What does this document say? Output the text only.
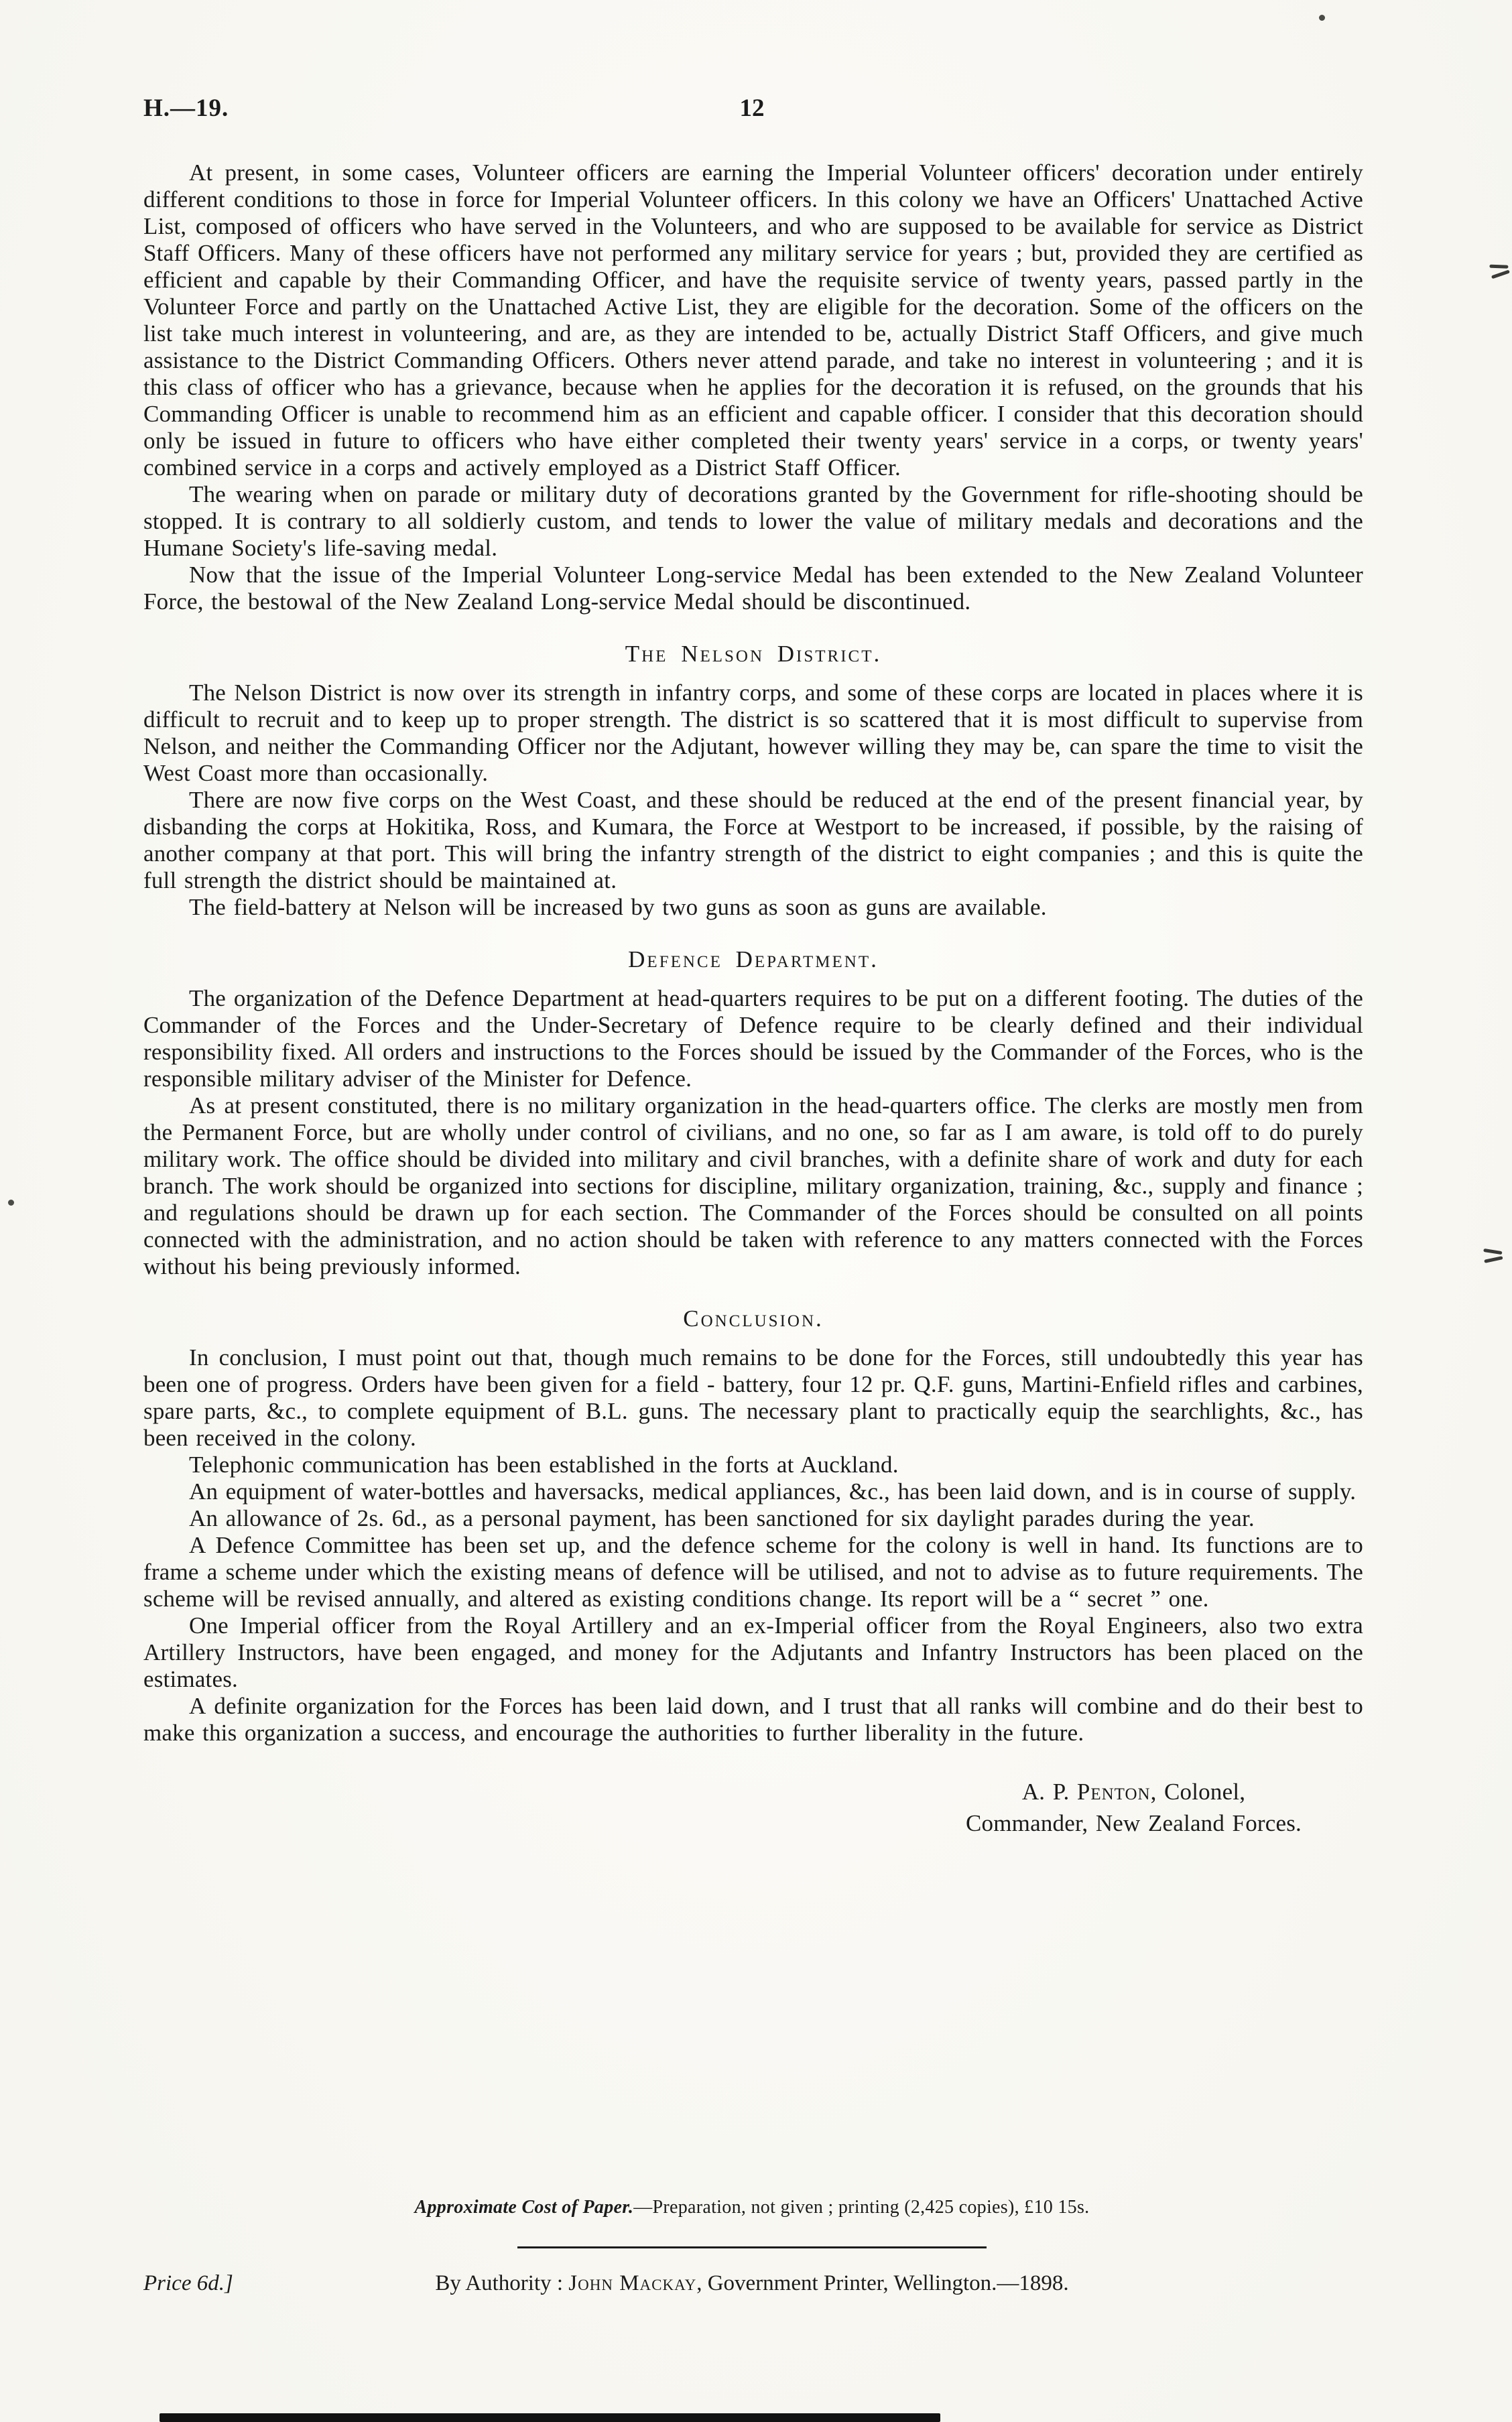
H.—19.	12

At present, in some cases, Volunteer officers are earning the Imperial Volunteer officers' decoration under entirely different conditions to those in force for Imperial Volunteer officers. In this colony we have an Officers' Unattached Active List, composed of officers who have served in the Volunteers, and who are supposed to be available for service as District Staff Officers. Many of these officers have not performed any military service for years ; but, provided they are certified as efficient and capable by their Commanding Officer, and have the requisite service of twenty years, passed partly in the Volunteer Force and partly on the Unattached Active List, they are eligible for the decoration. Some of the officers on the list take much interest in volunteering, and are, as they are intended to be, actually District Staff Officers, and give much assistance to the District Commanding Officers. Others never attend parade, and take no interest in volunteering ; and it is this class of officer who has a grievance, because when he applies for the decoration it is refused, on the grounds that his Commanding Officer is unable to recommend him as an efficient and capable officer. I consider that this decoration should only be issued in future to officers who have either completed their twenty years' service in a corps, or twenty years' combined service in a corps and actively employed as a District Staff Officer.

The wearing when on parade or military duty of decorations granted by the Government for rifle-shooting should be stopped. It is contrary to all soldierly custom, and tends to lower the value of military medals and decorations and the Humane Society's life-saving medal.

Now that the issue of the Imperial Volunteer Long-service Medal has been extended to the New Zealand Volunteer Force, the bestowal of the New Zealand Long-service Medal should be discontinued.

The Nelson District.

The Nelson District is now over its strength in infantry corps, and some of these corps are located in places where it is difficult to recruit and to keep up to proper strength. The district is so scattered that it is most difficult to supervise from Nelson, and neither the Commanding Officer nor the Adjutant, however willing they may be, can spare the time to visit the West Coast more than occasionally.

There are now five corps on the West Coast, and these should be reduced at the end of the present financial year, by disbanding the corps at Hokitika, Ross, and Kumara, the Force at Westport to be increased, if possible, by the raising of another company at that port. This will bring the infantry strength of the district to eight companies ; and this is quite the full strength the district should be maintained at.

The field-battery at Nelson will be increased by two guns as soon as guns are available.

Defence Department.

The organization of the Defence Department at head-quarters requires to be put on a different footing. The duties of the Commander of the Forces and the Under-Secretary of Defence require to be clearly defined and their individual responsibility fixed. All orders and instructions to the Forces should be issued by the Commander of the Forces, who is the responsible military adviser of the Minister for Defence.

As at present constituted, there is no military organization in the head-quarters office. The clerks are mostly men from the Permanent Force, but are wholly under control of civilians, and no one, so far as I am aware, is told off to do purely military work. The office should be divided into military and civil branches, with a definite share of work and duty for each branch. The work should be organized into sections for discipline, military organization, training, &c., supply and finance ; and regulations should be drawn up for each section. The Commander of the Forces should be consulted on all points connected with the administration, and no action should be taken with reference to any matters connected with the Forces without his being previously informed.

Conclusion.

In conclusion, I must point out that, though much remains to be done for the Forces, still undoubtedly this year has been one of progress. Orders have been given for a field - battery, four 12 pr. Q.F. guns, Martini-Enfield rifles and carbines, spare parts, &c., to complete equipment of B.L. guns. The necessary plant to practically equip the searchlights, &c., has been received in the colony.

Telephonic communication has been established in the forts at Auckland.

An equipment of water-bottles and haversacks, medical appliances, &c., has been laid down, and is in course of supply.

An allowance of 2s. 6d., as a personal payment, has been sanctioned for six daylight parades during the year.

A Defence Committee has been set up, and the defence scheme for the colony is well in hand. Its functions are to frame a scheme under which the existing means of defence will be utilised, and not to advise as to future requirements. The scheme will be revised annually, and altered as existing conditions change. Its report will be a “ secret ” one.

One Imperial officer from the Royal Artillery and an ex-Imperial officer from the Royal Engineers, also two extra Artillery Instructors, have been engaged, and money for the Adjutants and Infantry Instructors has been placed on the estimates.

A definite organization for the Forces has been laid down, and I trust that all ranks will combine and do their best to make this organization a success, and encourage the authorities to further liberality in the future.

A. P. Penton, Colonel,
Commander, New Zealand Forces.

Approximate Cost of Paper.—Preparation, not given ; printing (2,425 copies), £10 15s.

Price 6d.]	By Authority : John Mackay, Government Printer, Wellington.—1898.
